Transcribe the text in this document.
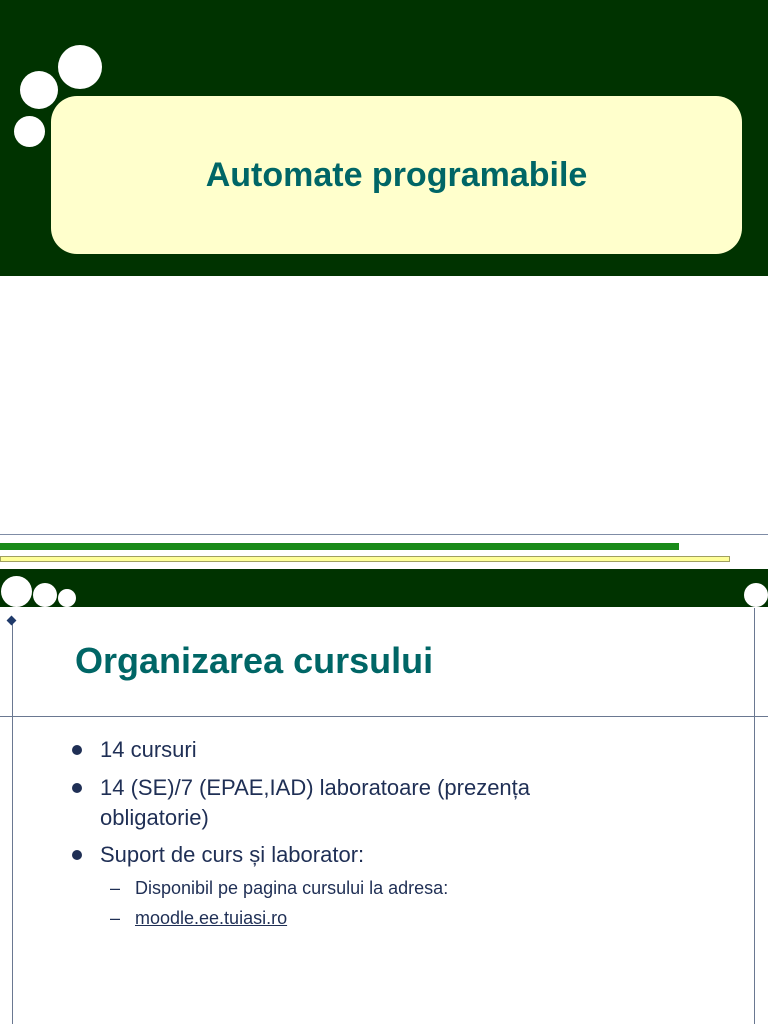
Automate programabile
Organizarea cursului
14 cursuri
14 (SE)/7 (EPAE,IAD) laboratoare (prezența obligatorie)
Suport de curs și laborator:
– Disponibil pe pagina cursului la adresa:
– moodle.ee.tuiasi.ro
